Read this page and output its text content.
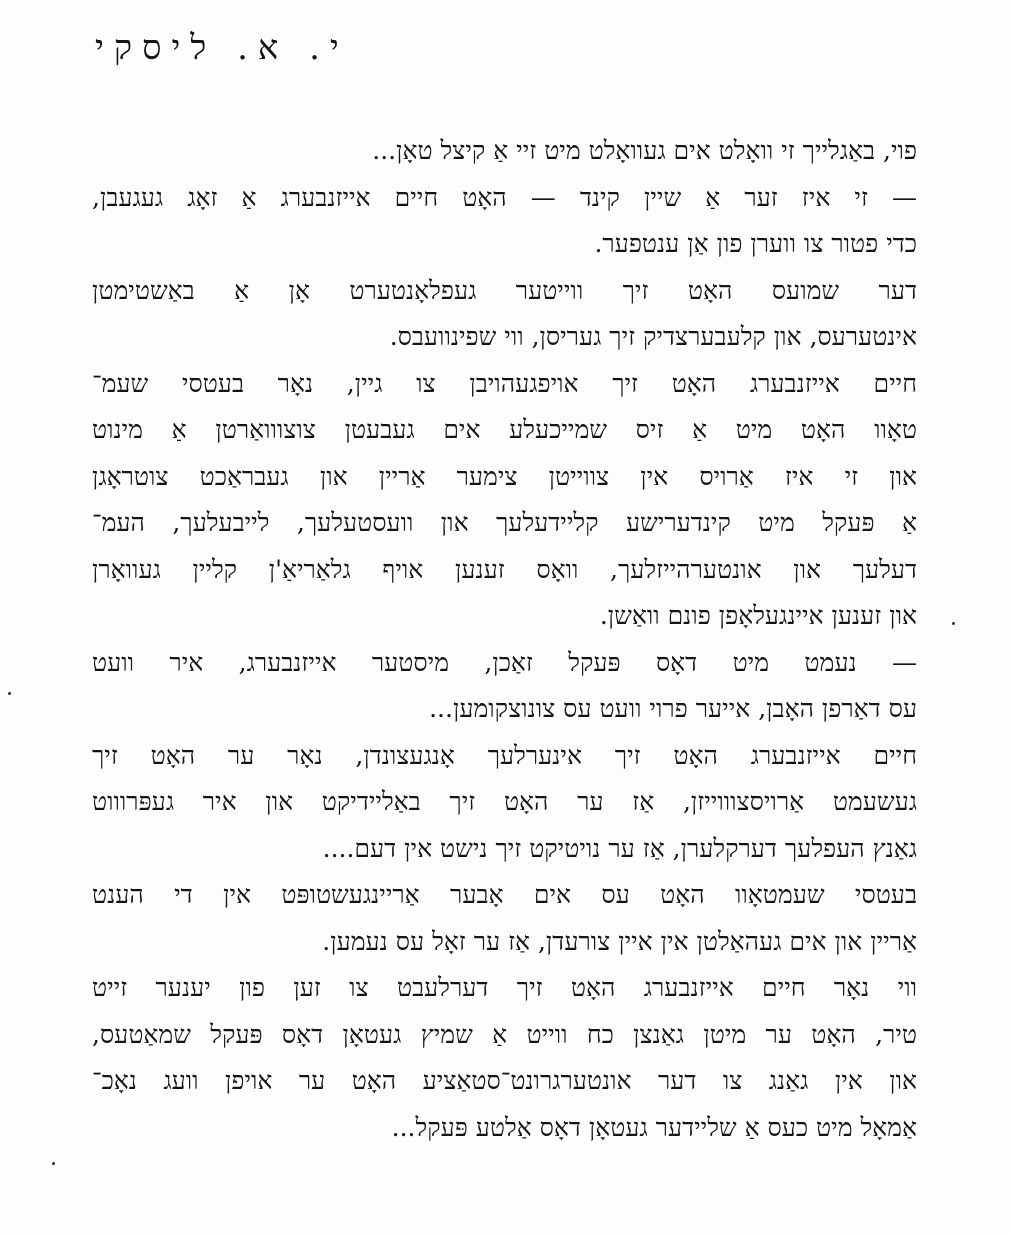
י. א. ליסקי
פוי, באַגלייך זי וואָלט אים געוואָלט מיט זיי אַ קיצל טאָן...
— זי איז זער אַ שיין קינד — האָט חיים אייזנבערג אַ זאָג געגעבן,
כדי פטור צו ווערן פון אַן ענטפער.
דער שמועס האָט זיך ווייטער געפלאָנטערט אָן אַ באַשטימטן
אינטערעס, און קלעבערצדיק זיך געריסן, ווי שפינוועבס.
חיים אייזנבערג האָט זיך אויפגעהויבן צו גיין, נאָר בעטסי שעמ־
טאָוו האָט מיט אַ זיס שמייכעלע אים געבעטן צוצווואַרטן אַ מינוט
און זי איז אַרויס אין צווייטן צימער אַריין און געבראַכט צוטראָגן
אַ פּעקל מיט קינדערישע קליידעלעך און וועסטעלעך, לייבעלעך, העמ־
דעלעך און אונטערהייזלעך, וואָס זענען אויף גלאַריאַ'ן קליין געוואָרן
און זענען איינגעלאָפן פונם וואַשן.
— נעמט מיט דאָס פּעקל זאַכן, מיסטער אייזנבערג, איר וועט
עס דאַרפן האָבן, אייער פרוי וועט עס צונוצקומען...
חיים אייזנבערג האָט זיך אינערלעך אָנגעצונדן, נאָר ער האָט זיך
געשעמט אַרויסצוווייזן, אַז ער האָט זיך באַליידיקט און איר געפּרוווט
גאַנץ העפלעך דערקלערן, אַז ער נויטיקט זיך נישט אין דעם....
בעטסי שעמטאָוו האָט עס אים אָבער אַריינגעשטופּט אין די הענט
אַריין און אים געהאַלטן אין איין צורעדן, אַז ער זאָל עס נעמען.
ווי נאָר חיים אייזנבערג האָט זיך דערלעבט צו זען פון יענער זייט
טיר, האָט ער מיטן גאַנצן כח ווייט אַ שמיץ געטאָן דאָס פּעקל שמאַטעס,
און אין גאַנג צו דער אונטערגרונט־סטאַציע האָט ער אויפן וועג נאָכ־
אַמאָל מיט כעס אַ שליידער געטאָן דאָס אַלטע פּעקל...
